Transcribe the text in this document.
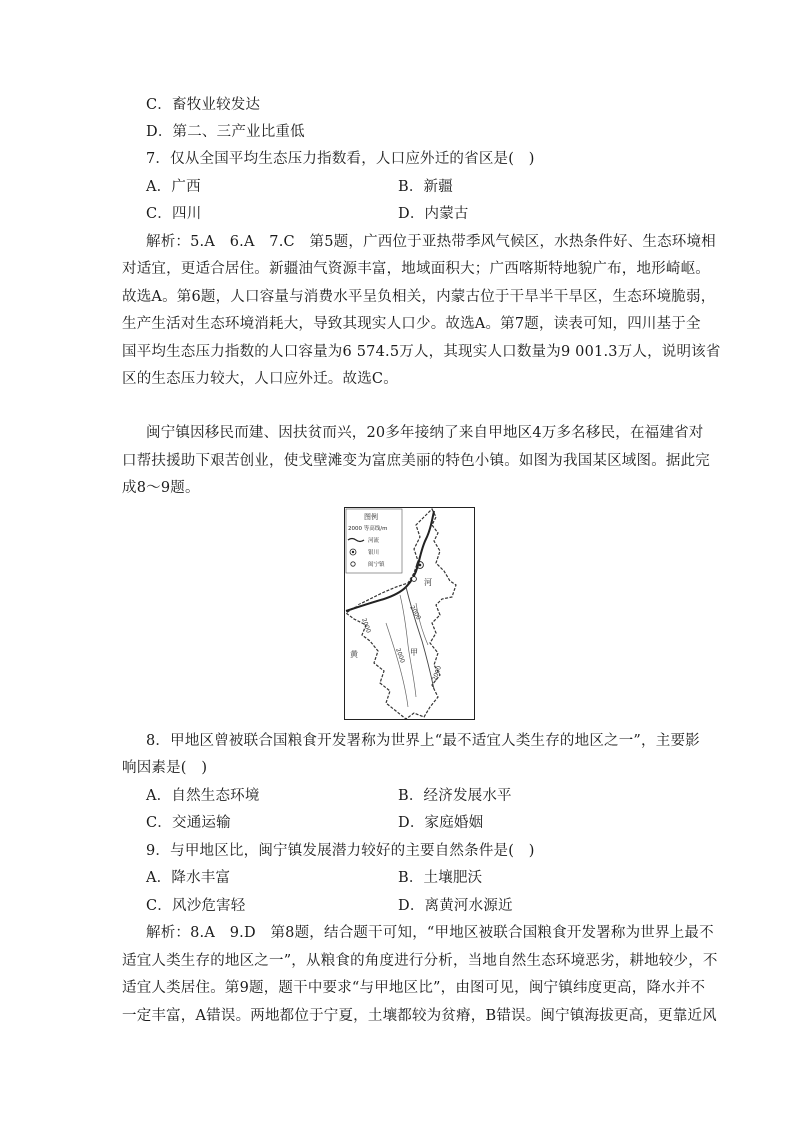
C．畜牧业较发达
D．第二、三产业比重低
7．仅从全国平均生态压力指数看，人口应外迁的省区是(　)
A．广西	B．新疆
C．四川	D．内蒙古
解析：5.A　6.A　7.C　第5题，广西位于亚热带季风气候区，水热条件好、生态环境相
对适宜，更适合居住。新疆油气资源丰富，地域面积大；广西喀斯特地貌广布，地形崎岖。
故选A。第6题，人口容量与消费水平呈负相关，内蒙古位于干旱半干旱区，生态环境脆弱，
生产生活对生态环境消耗大，导致其现实人口少。故选A。第7题，读表可知，四川基于全
国平均生态压力指数的人口容量为6 574.5万人，其现实人口数量为9 001.3万人，说明该省
区的生态压力较大，人口应外迁。故选C。
闽宁镇因移民而建、因扶贫而兴，20多年接纳了来自甲地区4万多名移民，在福建省对
口帮扶援助下艰苦创业，使戈壁滩变为富庶美丽的特色小镇。如图为我国某区域图。据此完
成8～9题。
图例
2000 等高线/m
河流
银川
闽宁镇
2000
2000
2000
2000
河
黄	甲
8．甲地区曾被联合国粮食开发署称为世界上“最不适宜人类生存的地区之一”，主要影
响因素是(　)
A．自然生态环境	B．经济发展水平
C．交通运输	D．家庭婚姻
9．与甲地区比，闽宁镇发展潜力较好的主要自然条件是(　)
A．降水丰富	B．土壤肥沃
C．风沙危害轻	D．离黄河水源近
解析：8.A　9.D　第8题，结合题干可知，“甲地区被联合国粮食开发署称为世界上最不
适宜人类生存的地区之一”，从粮食的角度进行分析，当地自然生态环境恶劣，耕地较少，不
适宜人类居住。第9题，题干中要求“与甲地区比”，由图可见，闽宁镇纬度更高，降水并不
一定丰富，A错误。两地都位于宁夏，土壤都较为贫瘠，B错误。闽宁镇海拔更高，更靠近风
